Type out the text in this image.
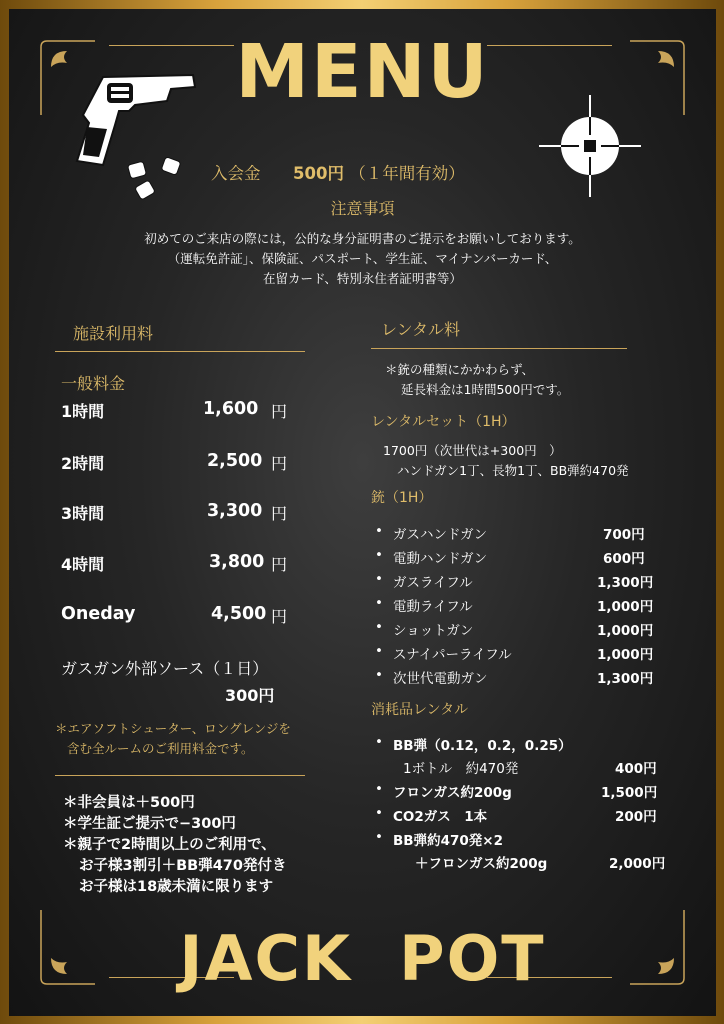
MENU
入会金 500円 （１年間有効）
注意事項
初めてのご来店の際には，公的な身分証明書のご提示をお願いしております。
（運転免許証」、保険証、パスポート、学生証、マイナンバーカード、
在留カード、特別永住者証明書等）
施設利用料
一般料金
1時間	1,600 円
2時間	2,500 円
3時間	3,300 円
4時間	3,800 円
Oneday	4,500 円
ガスガン外部ソース（１日）
300円
＊エアソフトシューター、ロングレンジを
含む全ルームのご利用料金です。
＊非会員は＋500円
＊学生証ご提示で−300円
＊親子で2時間以上のご利用で、
お子様3割引＋BB弾470発付き
お子様は18歳未満に限ります
レンタル料
＊銃の種類にかかわらず、
延長料金は1時間500円です。
レンタルセット（1H）
1700円（次世代は+300円　）
ハンドガン1丁、長物1丁、BB弾約470発
銃（1H）
• ガスハンドガン	700円
• 電動ハンドガン	600円
• ガスライフル	1,300円
• 電動ライフル	1,000円
• ショットガン	1,000円
• スナイパーライフル	1,000円
• 次世代電動ガン	1,300円
消耗品レンタル
• BB弾（0.12，0.2，0.25）
1ボトル　約470発	400円
• フロンガス約200g	1,500円
• CO2ガス　1本	200円
• BB弾約470発×2
＋フロンガス約200g	2,000円
JACK  POT
